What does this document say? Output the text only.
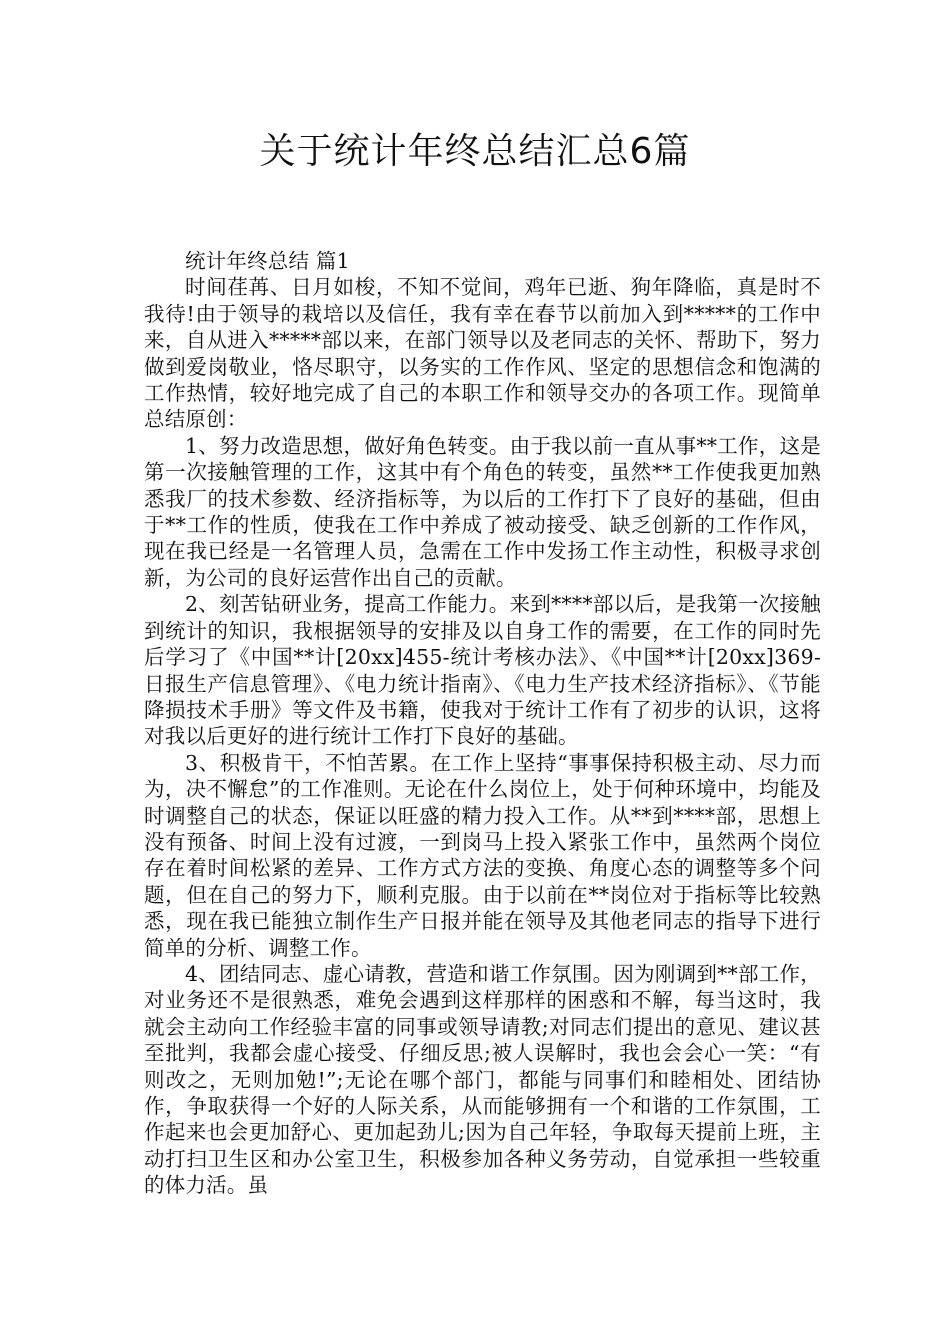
关于统计年终总结汇总6篇

统计年终总结 篇1

时间荏苒、日月如梭，不知不觉间，鸡年已逝、狗年降临，真是时不我待!由于领导的栽培以及信任，我有幸在春节以前加入到*****的工作中来，自从进入*****部以来，在部门领导以及老同志的关怀、帮助下，努力做到爱岗敬业，恪尽职守，以务实的工作作风、坚定的思想信念和饱满的工作热情，较好地完成了自己的本职工作和领导交办的各项工作。现简单总结原创：

1、努力改造思想，做好角色转变。由于我以前一直从事**工作，这是第一次接触管理的工作，这其中有个角色的转变，虽然**工作使我更加熟悉我厂的技术参数、经济指标等，为以后的工作打下了良好的基础，但由于**工作的性质，使我在工作中养成了被动接受、缺乏创新的工作作风，现在我已经是一名管理人员，急需在工作中发扬工作主动性，积极寻求创新，为公司的良好运营作出自己的贡献。

2、刻苦钻研业务，提高工作能力。来到****部以后，是我第一次接触到统计的知识，我根据领导的安排及以自身工作的需要，在工作的同时先后学习了《中国**计[20xx]455-统计考核办法》、《中国**计[20xx]369-日报生产信息管理》、《电力统计指南》、《电力生产技术经济指标》、《节能降损技术手册》等文件及书籍，使我对于统计工作有了初步的认识，这将对我以后更好的进行统计工作打下良好的基础。

3、积极肯干，不怕苦累。在工作上坚持“事事保持积极主动、尽力而为，决不懈怠”的工作准则。无论在什么岗位上，处于何种环境中，均能及时调整自己的状态，保证以旺盛的精力投入工作。从**到****部，思想上没有预备、时间上没有过渡，一到岗马上投入紧张工作中，虽然两个岗位存在着时间松紧的差异、工作方式方法的变换、角度心态的调整等多个问题，但在自己的努力下，顺利克服。由于以前在**岗位对于指标等比较熟悉，现在我已能独立制作生产日报并能在领导及其他老同志的指导下进行简单的分析、调整工作。

4、团结同志、虚心请教，营造和谐工作氛围。因为刚调到**部工作，对业务还不是很熟悉，难免会遇到这样那样的困惑和不解，每当这时，我就会主动向工作经验丰富的同事或领导请教;对同志们提出的意见、建议甚至批判，我都会虚心接受、仔细反思;被人误解时，我也会会心一笑：“有则改之，无则加勉!”;无论在哪个部门，都能与同事们和睦相处、团结协作，争取获得一个好的人际关系，从而能够拥有一个和谐的工作氛围，工作起来也会更加舒心、更加起劲儿;因为自己年轻，争取每天提前上班，主动打扫卫生区和办公室卫生，积极参加各种义务劳动，自觉承担一些较重的体力活。虽
